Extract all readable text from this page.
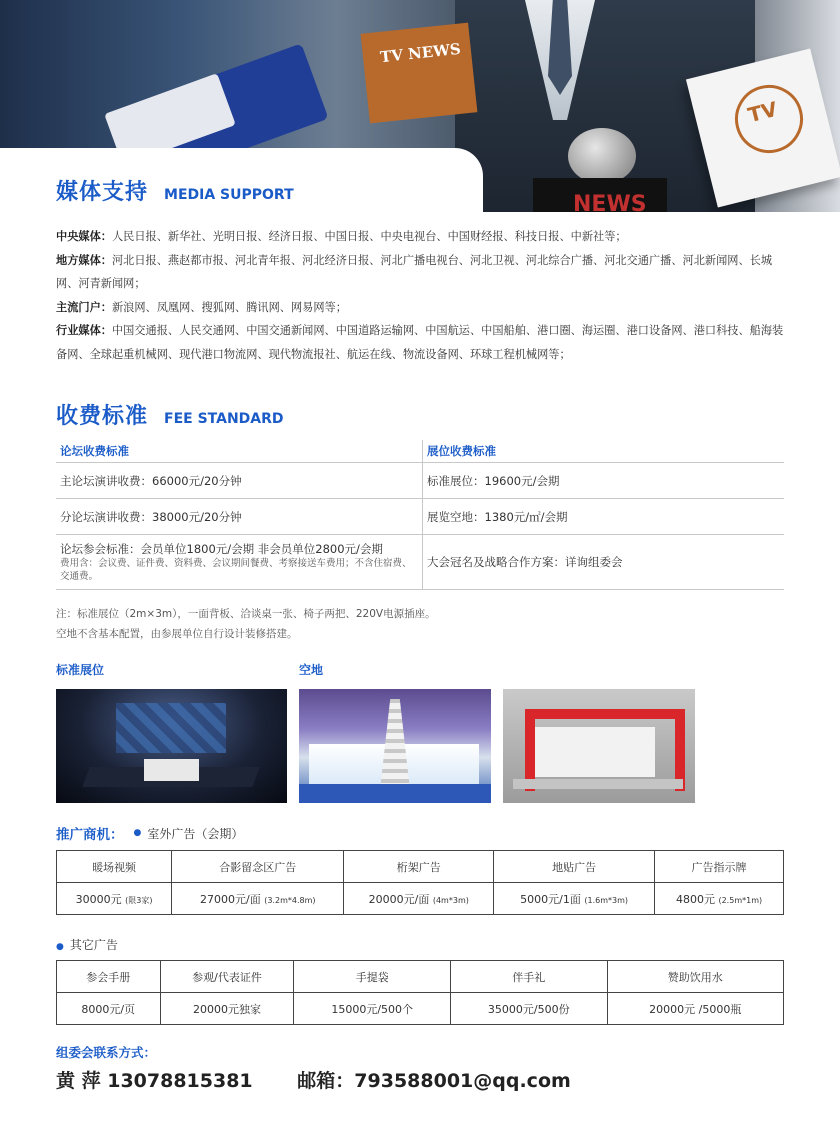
TV NEWS
NEWS
TV
媒体支持 MEDIA SUPPORT

中央媒体：人民日报、新华社、光明日报、经济日报、中国日报、中央电视台、中国财经报、科技日报、中新社等；

地方媒体：河北日报、燕赵都市报、河北青年报、河北经济日报、河北广播电视台、河北卫视、河北综合广播、河北交通广播、河北新闻网、长城网、河青新闻网；

主流门户：新浪网、凤凰网、搜狐网、腾讯网、网易网等；

行业媒体：中国交通报、人民交通网、中国交通新闻网、中国道路运输网、中国航运、中国船舶、港口圈、海运圈、港口设备网、港口科技、船海装备网、全球起重机械网、现代港口物流网、现代物流报社、航运在线、物流设备网、环球工程机械网等；

收费标准 FEE STANDARD
论坛收费标准	展位收费标准
主论坛演讲收费：66000元/20分钟	标准展位：19600元/会期
分论坛演讲收费：38000元/20分钟	展览空地：1380元/㎡/会期

论坛参会标准：会员单位1800元/会期 非会员单位2800元/会期
费用含：会议费、证件费、资料费、会议期间餐费、考察接送车费用；不含住宿费、交通费。	大会冠名及战略合作方案：详询组委会

注：标准展位（2m×3m），一面背板、洽谈桌一张、椅子两把、220V电源插座。

空地不含基本配置，由参展单位自行设计装修搭建。

标准展位	空地
推广商机： ● 室外广告（会期）
暖场视频	合影留念区广告	桁架广告	地贴广告	广告指示牌
30000元 (限3家)	27000元/面 (3.2m*4.8m)	20000元/面 (4m*3m)	5000元/1面 (1.6m*3m)	4800元 (2.5m*1m)
● 其它广告
参会手册	参观/代表证件	手提袋	伴手礼	赞助饮用水
8000元/页	20000元独家	15000元/500个	35000元/500份	20000元 /5000瓶
组委会联系方式：
黄 萍 13078815381 邮箱：793588001@qq.com
